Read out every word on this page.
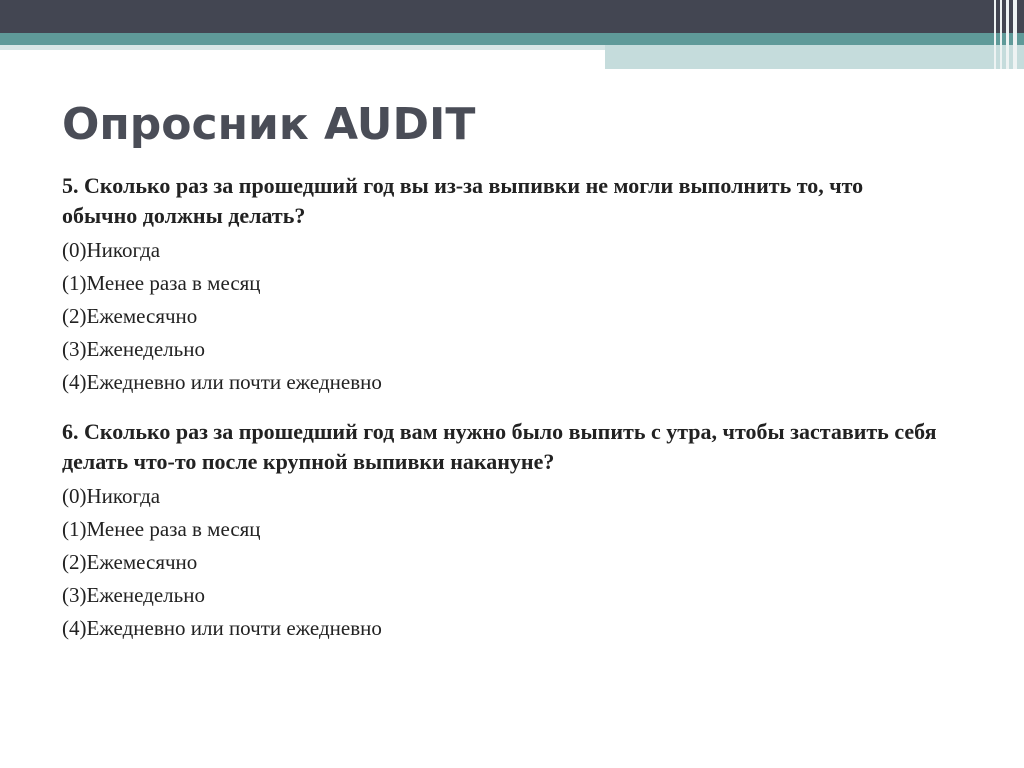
Опросник AUDIT

5. Сколько раз за прошедший год вы из-за выпивки не могли выполнить то, что обычно должны делать?

(0)Никогда
(1)Менее раза в месяц
(2)Ежемесячно
(3)Еженедельно
(4)Ежедневно или почти ежедневно

6. Сколько раз за прошедший год вам нужно было выпить с утра, чтобы заставить себя делать что-то после крупной выпивки накануне?

(0)Никогда
(1)Менее раза в месяц
(2)Ежемесячно
(3)Еженедельно
(4)Ежедневно или почти ежедневно
